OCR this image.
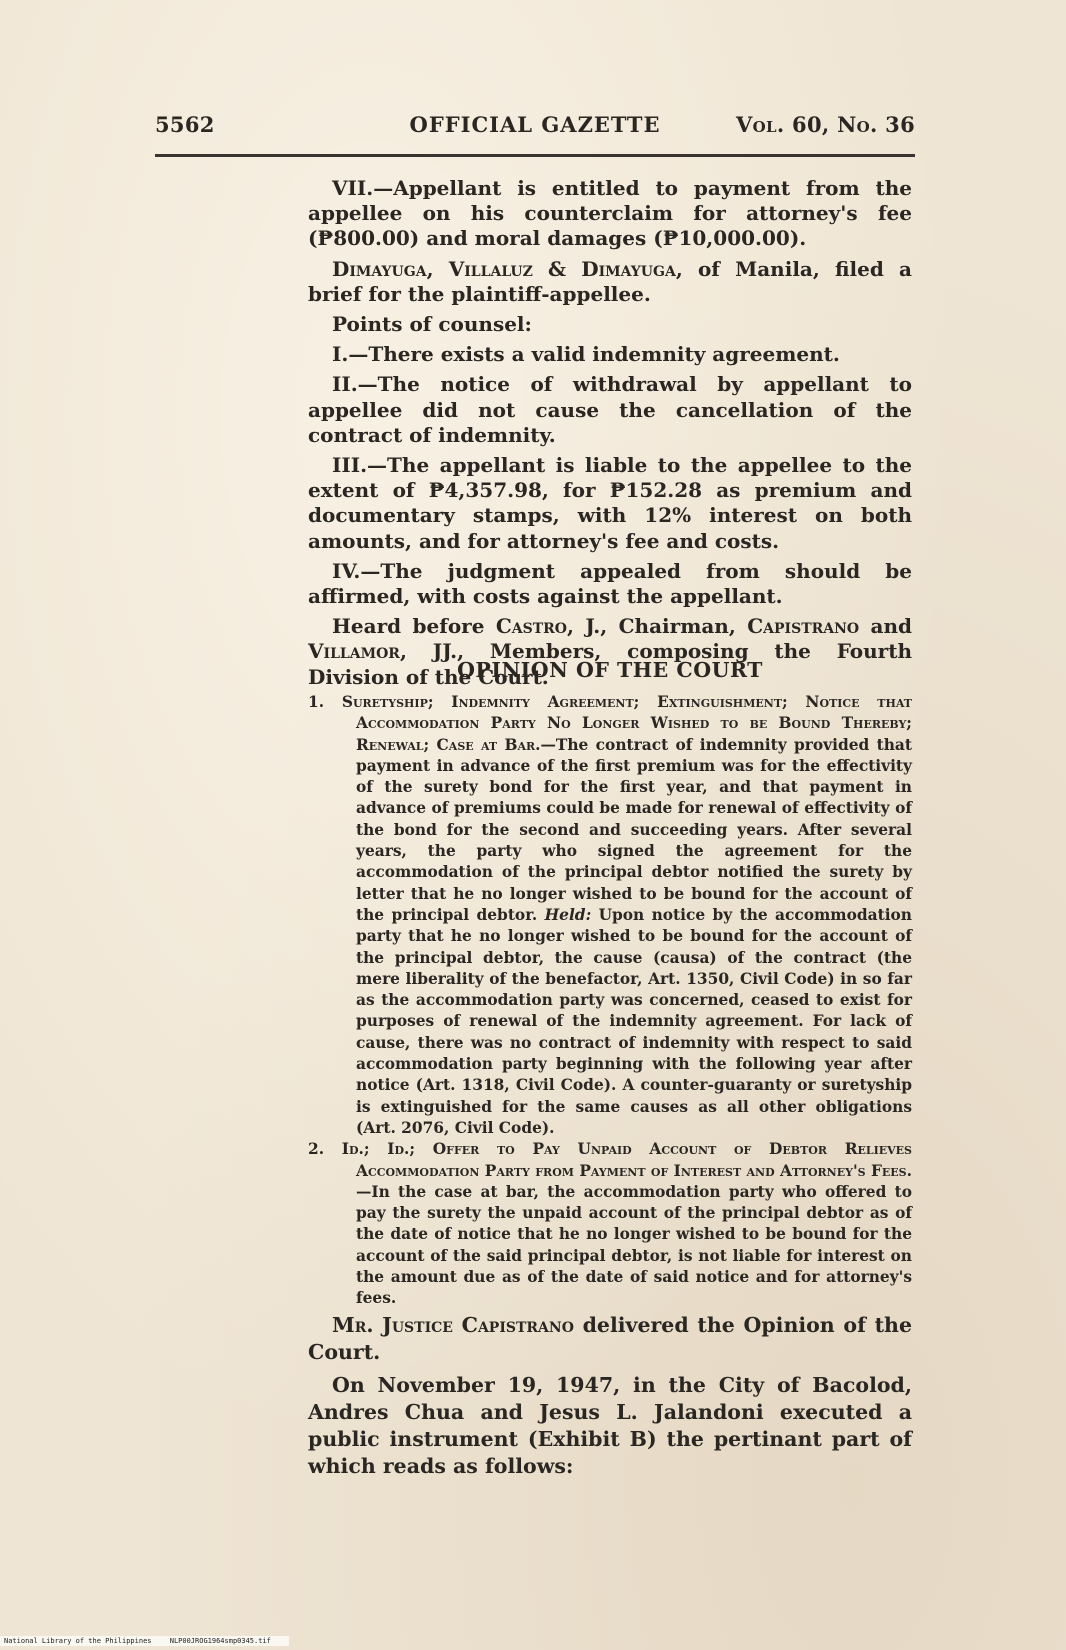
5562	OFFICIAL GAZETTE	Vol. 60, No. 36

VII.—Appellant is entitled to payment from the appellee on his counterclaim for attorney's fee (₱800.00) and moral damages (₱10,000.00).

Dimayuga, Villaluz & Dimayuga, of Manila, filed a brief for the plaintiff-appellee.

Points of counsel:

I.—There exists a valid indemnity agreement.

II.—The notice of withdrawal by appellant to appellee did not cause the cancellation of the contract of indemnity.

III.—The appellant is liable to the appellee to the extent of ₱4,357.98, for ₱152.28 as premium and documentary stamps, with 12% interest on both amounts, and for attorney's fee and costs.

IV.—The judgment appealed from should be affirmed, with costs against the appellant.

Heard before Castro, J., Chairman, Capistrano and Villamor, JJ., Members, composing the Fourth Division of the Court.

OPINION OF THE COURT

1. Suretyship; Indemnity Agreement; Extinguishment; Notice that Accommodation Party No Longer Wished to be Bound Thereby; Renewal; Case at Bar.—The contract of indemnity provided that payment in advance of the first premium was for the effectivity of the surety bond for the first year, and that payment in advance of premiums could be made for renewal of effectivity of the bond for the second and succeeding years. After several years, the party who signed the agreement for the accommodation of the principal debtor notified the surety by letter that he no longer wished to be bound for the account of the principal debtor. Held: Upon notice by the accommodation party that he no longer wished to be bound for the account of the principal debtor, the cause (causa) of the contract (the mere liberality of the benefactor, Art. 1350, Civil Code) in so far as the accommodation party was concerned, ceased to exist for purposes of renewal of the indemnity agreement. For lack of cause, there was no contract of indemnity with respect to said accommodation party beginning with the following year after notice (Art. 1318, Civil Code). A counter-guaranty or suretyship is extinguished for the same causes as all other obligations (Art. 2076, Civil Code).

2. Id.; Id.; Offer to Pay Unpaid Account of Debtor Relieves Accommodation Party from Payment of Interest and Attorney's Fees.—In the case at bar, the accommodation party who offered to pay the surety the unpaid account of the principal debtor as of the date of notice that he no longer wished to be bound for the account of the said principal debtor, is not liable for interest on the amount due as of the date of said notice and for attorney's fees.

Mr. Justice Capistrano delivered the Opinion of the Court.

On November 19, 1947, in the City of Bacolod, Andres Chua and Jesus L. Jalandoni executed a public instrument (Exhibit B) the pertinant part of which reads as follows:

National Library of the Philippines	NLP00JROG1964smp0345.tif
